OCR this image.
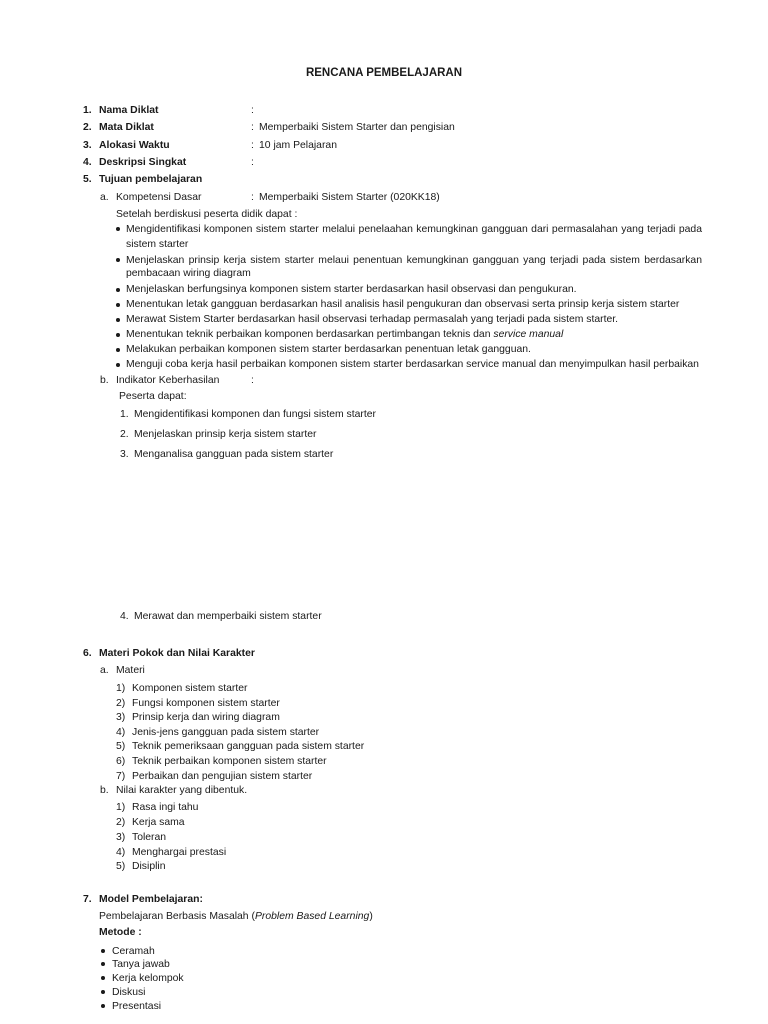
RENCANA PEMBELAJARAN
1. Nama Diklat	:
2. Mata Diklat	: Memperbaiki Sistem Starter dan pengisian
3. Alokasi Waktu	: 10 jam Pelajaran
4. Deskripsi Singkat	:
5. Tujuan pembelajaran
a. Kompetensi Dasar	: Memperbaiki Sistem Starter (020KK18)
Setelah berdiskusi peserta didik dapat :
Mengidentifikasi komponen sistem starter melalui penelaahan kemungkinan gangguan dari permasalahan yang terjadi pada
sistem starter
Menjelaskan prinsip kerja sistem starter melaui penentuan kemungkinan gangguan yang terjadi pada sistem berdasarkan
pembacaan wiring diagram
Menjelaskan berfungsinya komponen sistem starter berdasarkan hasil observasi dan pengukuran.
Menentukan letak gangguan berdasarkan hasil analisis hasil pengukuran dan observasi serta prinsip kerja sistem starter
Merawat Sistem Starter berdasarkan hasil observasi terhadap permasalah yang terjadi pada sistem starter.
Menentukan teknik perbaikan komponen berdasarkan pertimbangan teknis dan service manual
Melakukan perbaikan komponen sistem starter berdasarkan penentuan letak gangguan.
Menguji coba kerja hasil perbaikan komponen sistem starter berdasarkan service manual dan menyimpulkan hasil perbaikan
b. Indikator Keberhasilan	:
Peserta dapat:
1. Mengidentifikasi komponen dan fungsi sistem starter
2. Menjelaskan prinsip kerja sistem starter
3. Menganalisa gangguan pada sistem starter
4. Merawat dan memperbaiki sistem starter
6. Materi Pokok dan Nilai Karakter
a. Materi
1) Komponen sistem starter
2) Fungsi komponen sistem starter
3) Prinsip kerja dan wiring diagram
4) Jenis-jens gangguan pada sistem starter
5) Teknik pemeriksaan gangguan pada sistem starter
6) Teknik perbaikan komponen sistem starter
7) Perbaikan dan pengujian sistem starter
b. Nilai karakter yang dibentuk.
1) Rasa ingi tahu
2) Kerja sama
3) Toleran
4) Menghargai prestasi
5) Disiplin
7. Model Pembelajaran:
Pembelajaran Berbasis Masalah (Problem Based Learning)
Metode :
Ceramah
Tanya jawab
Kerja kelompok
Diskusi
Presentasi
